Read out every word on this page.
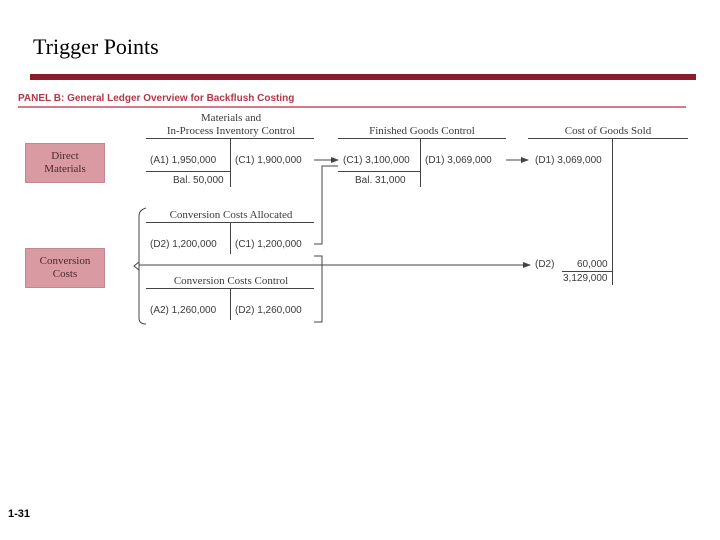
Trigger Points
PANEL B: General Ledger Overview for Backflush Costing
Direct
Materials
Conversion
Costs
Materials and
In-Process Inventory Control
(A1) 1,950,000 (C1) 1,900,000
Bal. 50,000
Finished Goods Control
(C1) 3,100,000 (D1) 3,069,000
Bal. 31,000
Cost of Goods Sold
(D1) 3,069,000
(D2) 60,000
3,129,000
Conversion Costs Allocated
(D2) 1,200,000 (C1) 1,200,000
Conversion Costs Control
(A2) 1,260,000 (D2) 1,260,000
1-31
